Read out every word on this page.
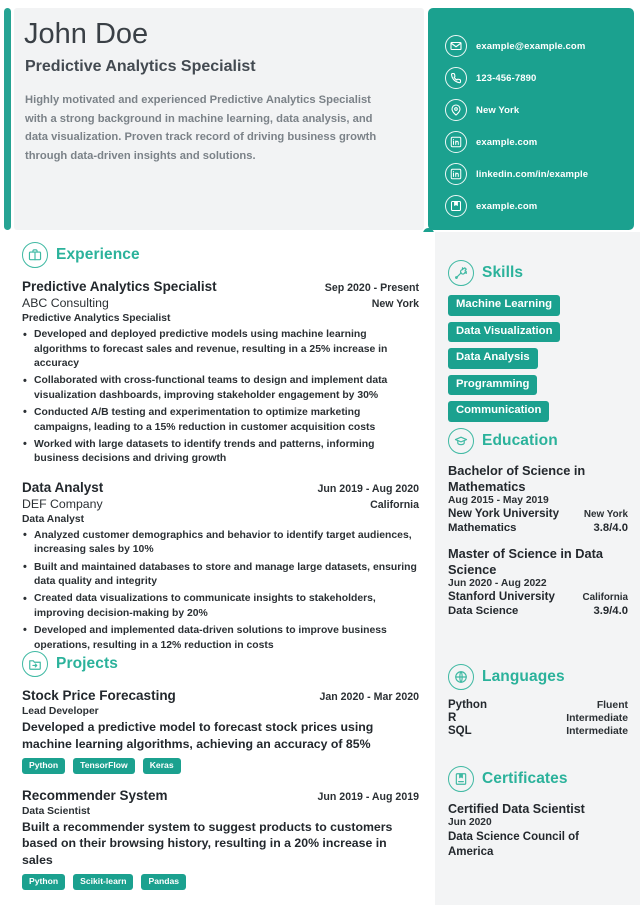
John Doe
Predictive Analytics Specialist
Highly motivated and experienced Predictive Analytics Specialist with a strong background in machine learning, data analysis, and data visualization. Proven track record of driving business growth through data-driven insights and solutions.
example@example.com
123-456-7890
New York
example.com
linkedin.com/in/example
example.com
Experience
Predictive Analytics Specialist	Sep 2020 - Present
ABC Consulting	New York
Predictive Analytics Specialist
• Developed and deployed predictive models using machine learning algorithms to forecast sales and revenue, resulting in a 25% increase in accuracy
• Collaborated with cross-functional teams to design and implement data visualization dashboards, improving stakeholder engagement by 30%
• Conducted A/B testing and experimentation to optimize marketing campaigns, leading to a 15% reduction in customer acquisition costs
• Worked with large datasets to identify trends and patterns, informing business decisions and driving growth
Data Analyst	Jun 2019 - Aug 2020
DEF Company	California
Data Analyst
• Analyzed customer demographics and behavior to identify target audiences, increasing sales by 10%
• Built and maintained databases to store and manage large datasets, ensuring data quality and integrity
• Created data visualizations to communicate insights to stakeholders, improving decision-making by 20%
• Developed and implemented data-driven solutions to improve business operations, resulting in a 12% reduction in costs
Projects
Stock Price Forecasting	Jan 2020 - Mar 2020
Lead Developer
Developed a predictive model to forecast stock prices using machine learning algorithms, achieving an accuracy of 85%
Python	TensorFlow	Keras
Recommender System	Jun 2019 - Aug 2019
Data Scientist
Built a recommender system to suggest products to customers based on their browsing history, resulting in a 20% increase in sales
Python	Scikit-learn	Pandas
Skills
Machine Learning
Data Visualization
Data Analysis
Programming
Communication
Education
Bachelor of Science in Mathematics
Aug 2015 - May 2019
New York University	New York
Mathematics	3.8/4.0
Master of Science in Data Science
Jun 2020 - Aug 2022
Stanford University	California
Data Science	3.9/4.0
Languages
Python	Fluent
R	Intermediate
SQL	Intermediate
Certificates
Certified Data Scientist
Jun 2020
Data Science Council of America
